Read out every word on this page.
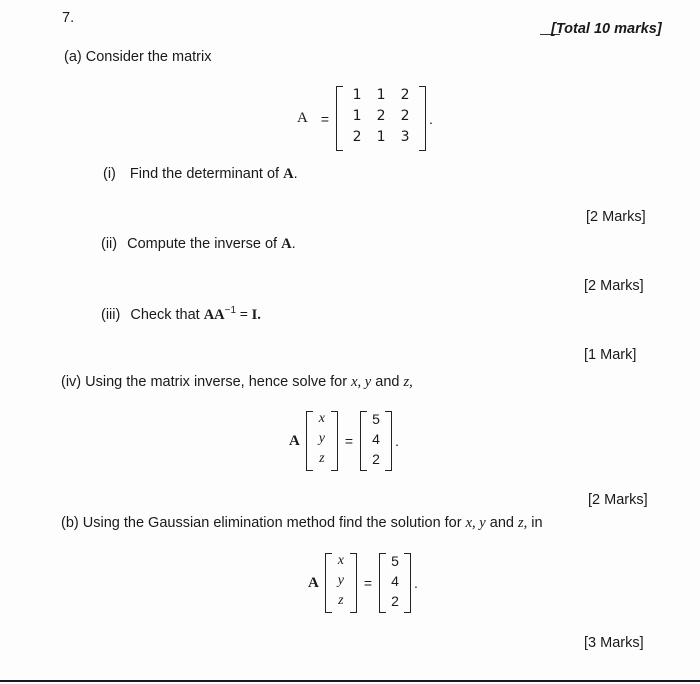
7.
[Total 10 marks]
(a) Consider the matrix
A =
1	1	2
1	2	2
2	1	3
.
(i) Find the determinant of A.
[2 Marks]
(ii) Compute the inverse of A.
[2 Marks]
(iii) Check that $AA^{-1} = I$.
[1 Mark]
(iv) Using the matrix inverse, hence solve for x, y and z,
A
x
y
z
=
5
4
2
.
[2 Marks]
(b) Using the Gaussian elimination method find the solution for x, y and z, in
A
x
y
z
=
5
4
2
.
[3 Marks]
